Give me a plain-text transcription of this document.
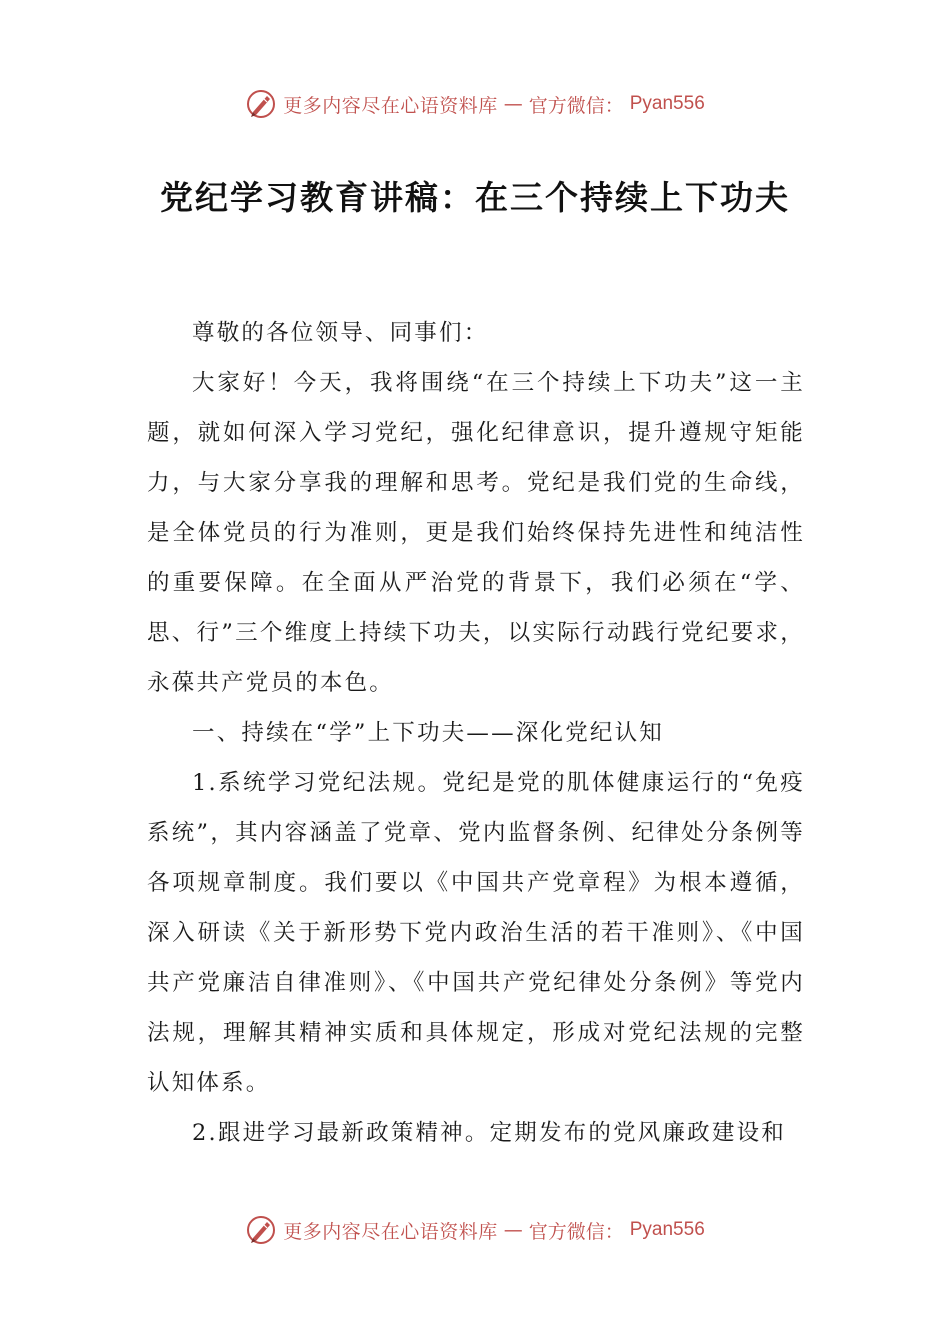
更多内容尽在心语资料库 — 官方微信： Pyan556
党纪学习教育讲稿：在三个持续上下功夫

尊敬的各位领导、同事们：

大家好！今天，我将围绕“在三个持续上下功夫”这一主题，就如何深入学习党纪，强化纪律意识，提升遵规守矩能力，与大家分享我的理解和思考。党纪是我们党的生命线，是全体党员的行为准则，更是我们始终保持先进性和纯洁性的重要保障。在全面从严治党的背景下，我们必须在“学、思、行”三个维度上持续下功夫，以实际行动践行党纪要求，永葆共产党员的本色。

一、持续在“学”上下功夫——深化党纪认知

1.系统学习党纪法规。党纪是党的肌体健康运行的“免疫系统”，其内容涵盖了党章、党内监督条例、纪律处分条例等各项规章制度。我们要以《中国共产党章程》为根本遵循，深入研读《关于新形势下党内政治生活的若干准则》、《中国共产党廉洁自律准则》、《中国共产党纪律处分条例》等党内法规，理解其精神实质和具体规定，形成对党纪法规的完整认知体系。

2.跟进学习最新政策精神。定期发布的党风廉政建设和

更多内容尽在心语资料库 — 官方微信： Pyan556
